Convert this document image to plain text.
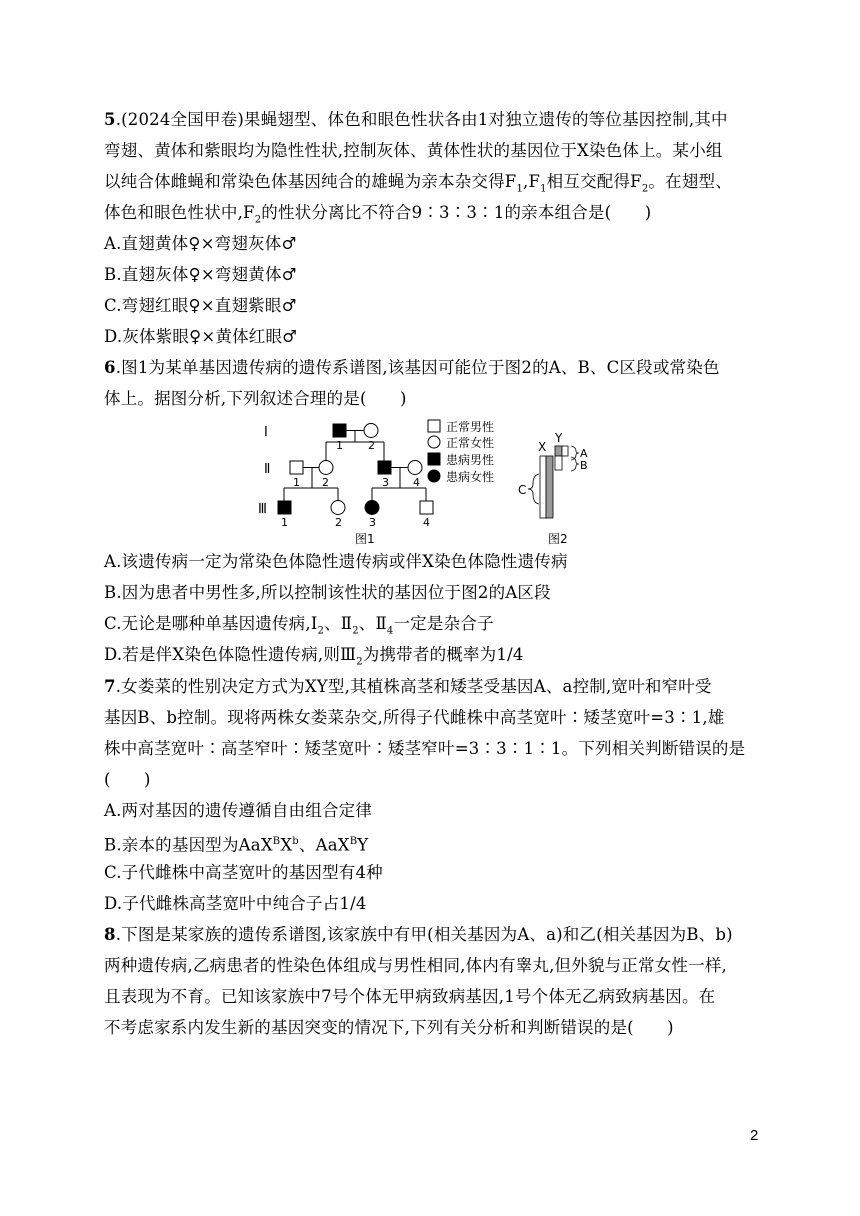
5.(2024全国甲卷)果蝇翅型、体色和眼色性状各由1对独立遗传的等位基因控制,其中
弯翅、黄体和紫眼均为隐性性状,控制灰体、黄体性状的基因位于X染色体上。某小组
以纯合体雌蝇和常染色体基因纯合的雄蝇为亲本杂交得$F_1,F_1$相互交配得$F_2$。在翅型、
体色和眼色性状中$,F_2$的性状分离比不符合9∶3∶3∶1的亲本组合是(　　)
A.直翅黄体♀×弯翅灰体♂
B.直翅灰体♀×弯翅黄体♂
C.弯翅红眼♀×直翅紫眼♂
D.灰体紫眼♀×黄体红眼♂
6.图1为某单基因遗传病的遗传系谱图,该基因可能位于图2的A、B、C区段或常染色
体上。据图分析,下列叙述合理的是(　　)
Ⅰ
Ⅱ
Ⅲ
1 2
1 2	3 4
1	2 3	4
正常男性
正常女性
患病男性
患病女性
图1
X
Y
A
B
C
图2
A.该遗传病一定为常染色体隐性遗传病或伴X染色体隐性遗传病
B.因为患者中男性多,所以控制该性状的基因位于图2的A区段
C.无论是哪种单基因遗传病$,Ⅰ_2$、$Ⅱ_2$、$Ⅱ_4$一定是杂合子
D.若是伴X染色体隐性遗传病,则$Ⅲ_2$为携带者的概率为1/4
7.女娄菜的性别决定方式为XY型,其植株高茎和矮茎受基因A、a控制,宽叶和窄叶受
基因B、b控制。现将两株女娄菜杂交,所得子代雌株中高茎宽叶∶矮茎宽叶=3∶1,雄
株中高茎宽叶∶高茎窄叶∶矮茎宽叶∶矮茎窄叶=3∶3∶1∶1。下列相关判断错误的是
(　　)
A.两对基因的遗传遵循自由组合定律
B.亲本的基因型为$AaX^BX^b$、AaX$^B$Y
C.子代雌株中高茎宽叶的基因型有4种
D.子代雌株高茎宽叶中纯合子占1/4
8.下图是某家族的遗传系谱图,该家族中有甲(相关基因为A、a)和乙(相关基因为B、b)
两种遗传病,乙病患者的性染色体组成与男性相同,体内有睾丸,但外貌与正常女性一样,
且表现为不育。已知该家族中7号个体无甲病致病基因,1号个体无乙病致病基因。在
不考虑家系内发生新的基因突变的情况下,下列有关分析和判断错误的是(　　)
2
